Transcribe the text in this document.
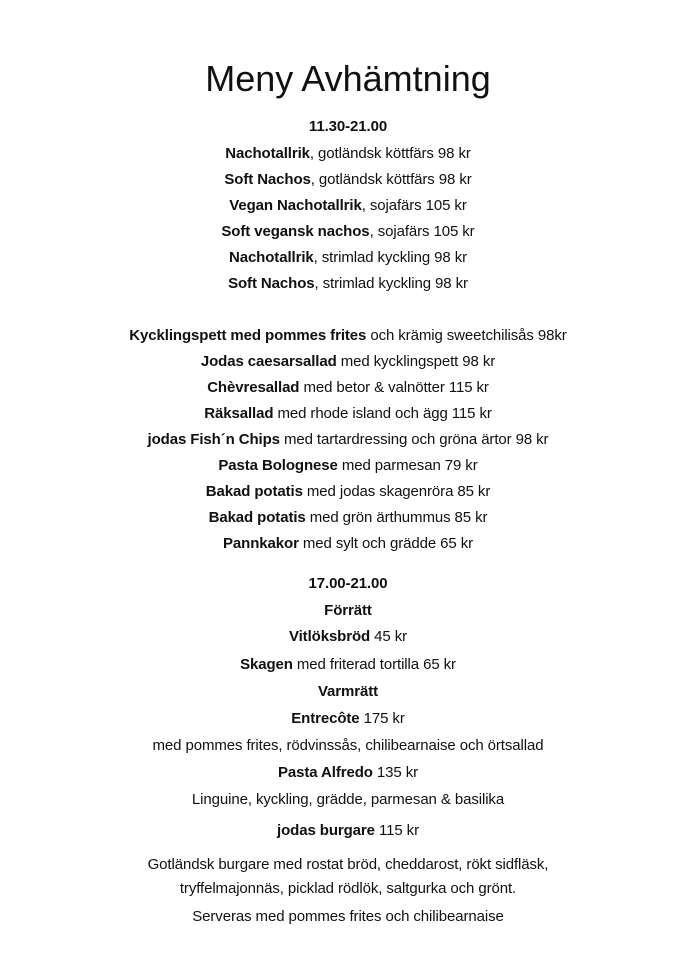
Meny Avhämtning
11.30-21.00
Nachotallrik, gotländsk köttfärs 98 kr
Soft Nachos, gotländsk köttfärs 98 kr
Vegan Nachotallrik, sojafärs 105 kr
Soft vegansk nachos, sojafärs 105 kr
Nachotallrik, strimlad kyckling 98 kr
Soft Nachos, strimlad kyckling 98 kr
Kycklingspett med pommes frites och krämig sweetchilisås 98kr
Jodas caesarsallad med kycklingspett 98 kr
Chèvresallad med betor & valnötter 115 kr
Räksallad med rhode island och ägg 115 kr
jodas Fish´n Chips med tartardressing och gröna ärtor 98 kr
Pasta Bolognese med parmesan 79 kr
Bakad potatis med jodas skagenröra 85 kr
Bakad potatis med grön ärthummus 85 kr
Pannkakor med sylt och grädde 65 kr
17.00-21.00
Förrätt
Vitlöksbröd 45 kr
Skagen med friterad tortilla 65 kr
Varmrätt
Entrecôte 175 kr
med pommes frites, rödvinssås, chilibearnaise och örtsallad
Pasta Alfredo 135 kr
Linguine, kyckling, grädde, parmesan & basilika
jodas burgare 115 kr
Gotländsk burgare med rostat bröd, cheddarost, rökt sidfläsk,
tryffelmajonnäs, picklad rödlök, saltgurka och grönt.
Serveras med pommes frites och chilibearnaise
